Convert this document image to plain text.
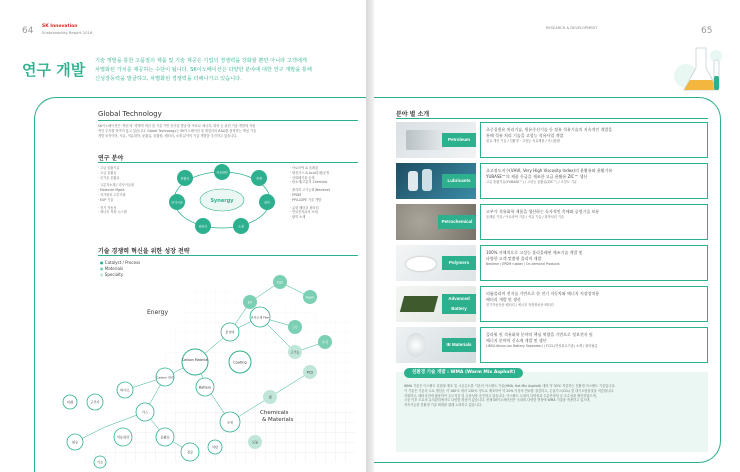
64 SK Innovation
Sustainability Report 2016
연구 개발 기술 개발을 통한 고품질의 제품 및 기술 제공은 기업의 경쟁력을 강화할 뿐만 아니라 고객에게
차별화된 가치를 제공하는 수단이 됩니다. SK이노베이션은 다양한 분야에 대한 연구 개발을 통해
신성장동력을 발굴하고, 차별화된 경쟁력을 더해나가고 있습니다.
Global Technology
SK이노베이션은 '혁신'과 '경쟁적 혁신 및 기술 기반 신사업 발굴'을 목표로 에너지, 화학 등 관련 기술 개발에 지원
적인 투자를 하여지 않고 있습니다. Global Technology는 SK이노베이션 및 계열사의 R&D를 담당하는 핵심 기술
개발 조직이며, 석유, 석유화학, 윤활유, 윤활원, 배터리, 소재 분야의 기술 개발을 추진하고 있습니다.
연구 분야
· 고급 윤활기유
· 고급 윤활유
· 신기술 윤활유
· 고분자소재 / 리사이클링
· Molecule Mgmt.
· 저가원료 고부가화
· EUP 기술
· 전기 자동차
· 에너지 저장 시스템
· 아로마틱 & 올레핀
· 합성가스 & Acid촉매/공정
· 산화폐기물 공정
· 탄소계/고분자 Chemical
· 폴리머 고기능화(Nexlene)
· EPDM
· PP/LLDPE 기술 개발
· 유형 배터리 플라티
· 연료전지/2차 소재
· 광학 소재
Synergy
윤활유
석유화학
촉매
리사이클	화학
배터리	소재
기술 경쟁력 혁신을 위한 성장 전략
● Catalyst / Process
● Materials
● Specialty
Energy
Chemicals
& Materials
Carbon Material
Coating
전자소재 Film
Battery
조명
Carbon 관련
가스
윤활유
정유
석유화학
원유
바이오
고부가
미래
분리막
EV
ESS
Foam
고무
고기능
수지
셀
PCS
석탄
모듈
기초
RESEARCH & DEVELOPMENT	65
분야 별 소개
Petroleum
초중질원유 처리기술, 원유중선기술 등 정유 석유기술의 지속적인 개발을
통해 석유 처리 기술을 고성능 석유사업 개발
원유 개선 기술 / 친환경 · 고성능 석유제품 / 미니플랜
Lubricants
초고점도지수(VHVI, Very High Viscosity Index)의 윤활유와 윤활기유
YUBASE™의 제품 등급을 제조한 고급 윤활유 ZIC™ 생산
고급 윤활기유(YUBASE™) / 고성능 윤활유(ZIC™) / 고점도 기유
Petrochemical
고부가 석유화학 제품을 생산하는 독자적인 촉매와 공정기술 보유
올레핀 기술 / 아로마틱 기술 / 석유 기술 / 화학처리 기술
Polymers
100% 자체적으로 고성능 폴리올레핀 제조기술 개발 및
다양한 고객 맞춤형 폴리머 개발
Nexlene / EPDM rubber / On-demand Products
Advanced Battery
리튬폴리머 전지를 기반으로 한 전기 자동차와 에너지 저장장치용
배터리 개발 및 생산
전기자동차용 배터리 / 에너지 저장장치용 배터리
IE Materials
플라워 및 석유화학 분야의 핵심 역량을 기반으로 정보전자 및
에너지 분야의 신소재 개발 및 생산
LiBS(Lithium-ion Battery Separator) / FCCL(연성회로기판) 소재 / 광학필름
친환경 기술 개발 : WMA (Warm Mix Asphalt)
WMA 기술은 아스팔트 혼합물 제조 및 시공온도를 기존의 아스팔트 기술(HMA, Hot Mix Asphalt) 대비 약 30℃ 저감하는 친환경 아스팔트 기술입니다.
이 기술은 기존의 도로 생산온 약 160℃ 에서 130℃ 정도로 제조하여 약 20% 이상의 연료를 절감하고, 온실가스(CO₂) 및 대기오염물질을 저감합니다.
지원하고, 배터리전에 활용하여 온도저감 및 수용성을 증진하고 있습니다. 아스팔트 도장의 다양성과 수분안정성 등 우수성을 확인하였으며,
시공 이후 도로의 유지관리에서도 다양한 장점이 있습니다. 현재 SK이노베이션은 국내외 다양한 현장에 WMA 기술을 적용하고 있으며,
지속가능한 친환경 기술 확대를 위해 노력하고 있습니다.
